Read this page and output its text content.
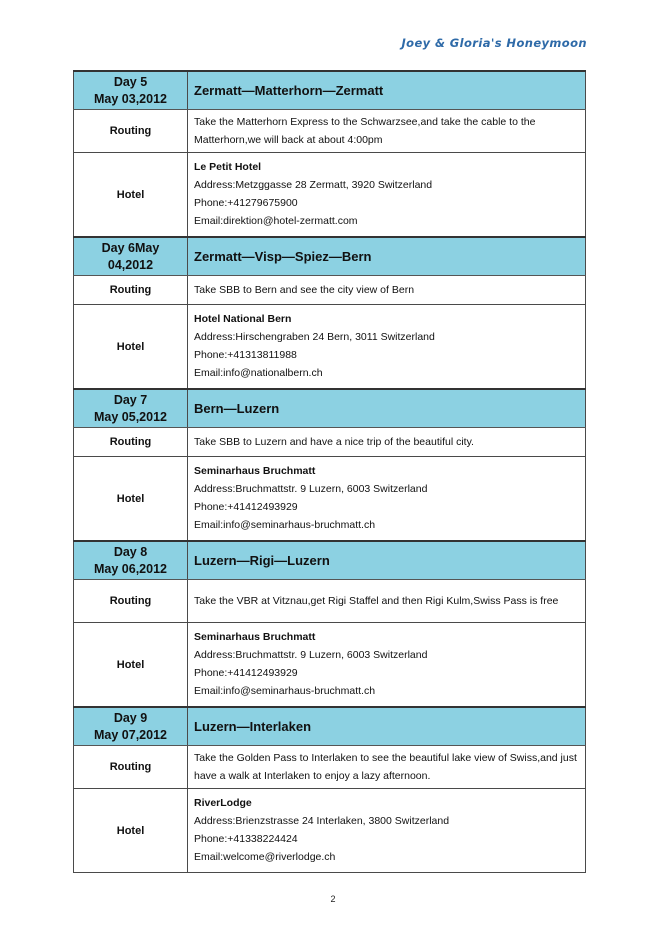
Joey & Gloria's Honeymoon
Day 5
May 03,2012	Zermatt—Matterhorn—Zermatt
Routing	Take the Matterhorn Express to the Schwarzsee,and take the cable to the Matterhorn,we will back at about 4:00pm
Hotel	Le Petit Hotel
Address:Metzggasse 28 Zermatt, 3920 Switzerland
Phone:+41279675900
Email:direktion@hotel-zermatt.com

Day 6May
04,2012	Zermatt—Visp—Spiez—Bern
Routing	Take SBB to Bern and see the city view of Bern
Hotel	Hotel National Bern
Address:Hirschengraben 24 Bern, 3011 Switzerland
Phone:+41313811988
Email:info@nationalbern.ch

Day 7
May 05,2012	Bern—Luzern
Routing	Take SBB to Luzern and have a nice trip of the beautiful city.
Hotel	Seminarhaus Bruchmatt
Address:Bruchmattstr. 9 Luzern, 6003 Switzerland
Phone:+41412493929
Email:info@seminarhaus-bruchmatt.ch

Day 8
May 06,2012	Luzern—Rigi—Luzern
Routing	Take the VBR at Vitznau,get Rigi Staffel and then Rigi Kulm,Swiss Pass is free
Hotel	Seminarhaus Bruchmatt
Address:Bruchmattstr. 9 Luzern, 6003 Switzerland
Phone:+41412493929
Email:info@seminarhaus-bruchmatt.ch

Day 9
May 07,2012	Luzern—Interlaken
Routing	Take the Golden Pass to Interlaken to see the beautiful lake view of Swiss,and just have a walk at Interlaken to enjoy a lazy afternoon.
Hotel	RiverLodge
Address:Brienzstrasse 24 Interlaken, 3800 Switzerland
Phone:+41338224424
Email:welcome@riverlodge.ch
2
